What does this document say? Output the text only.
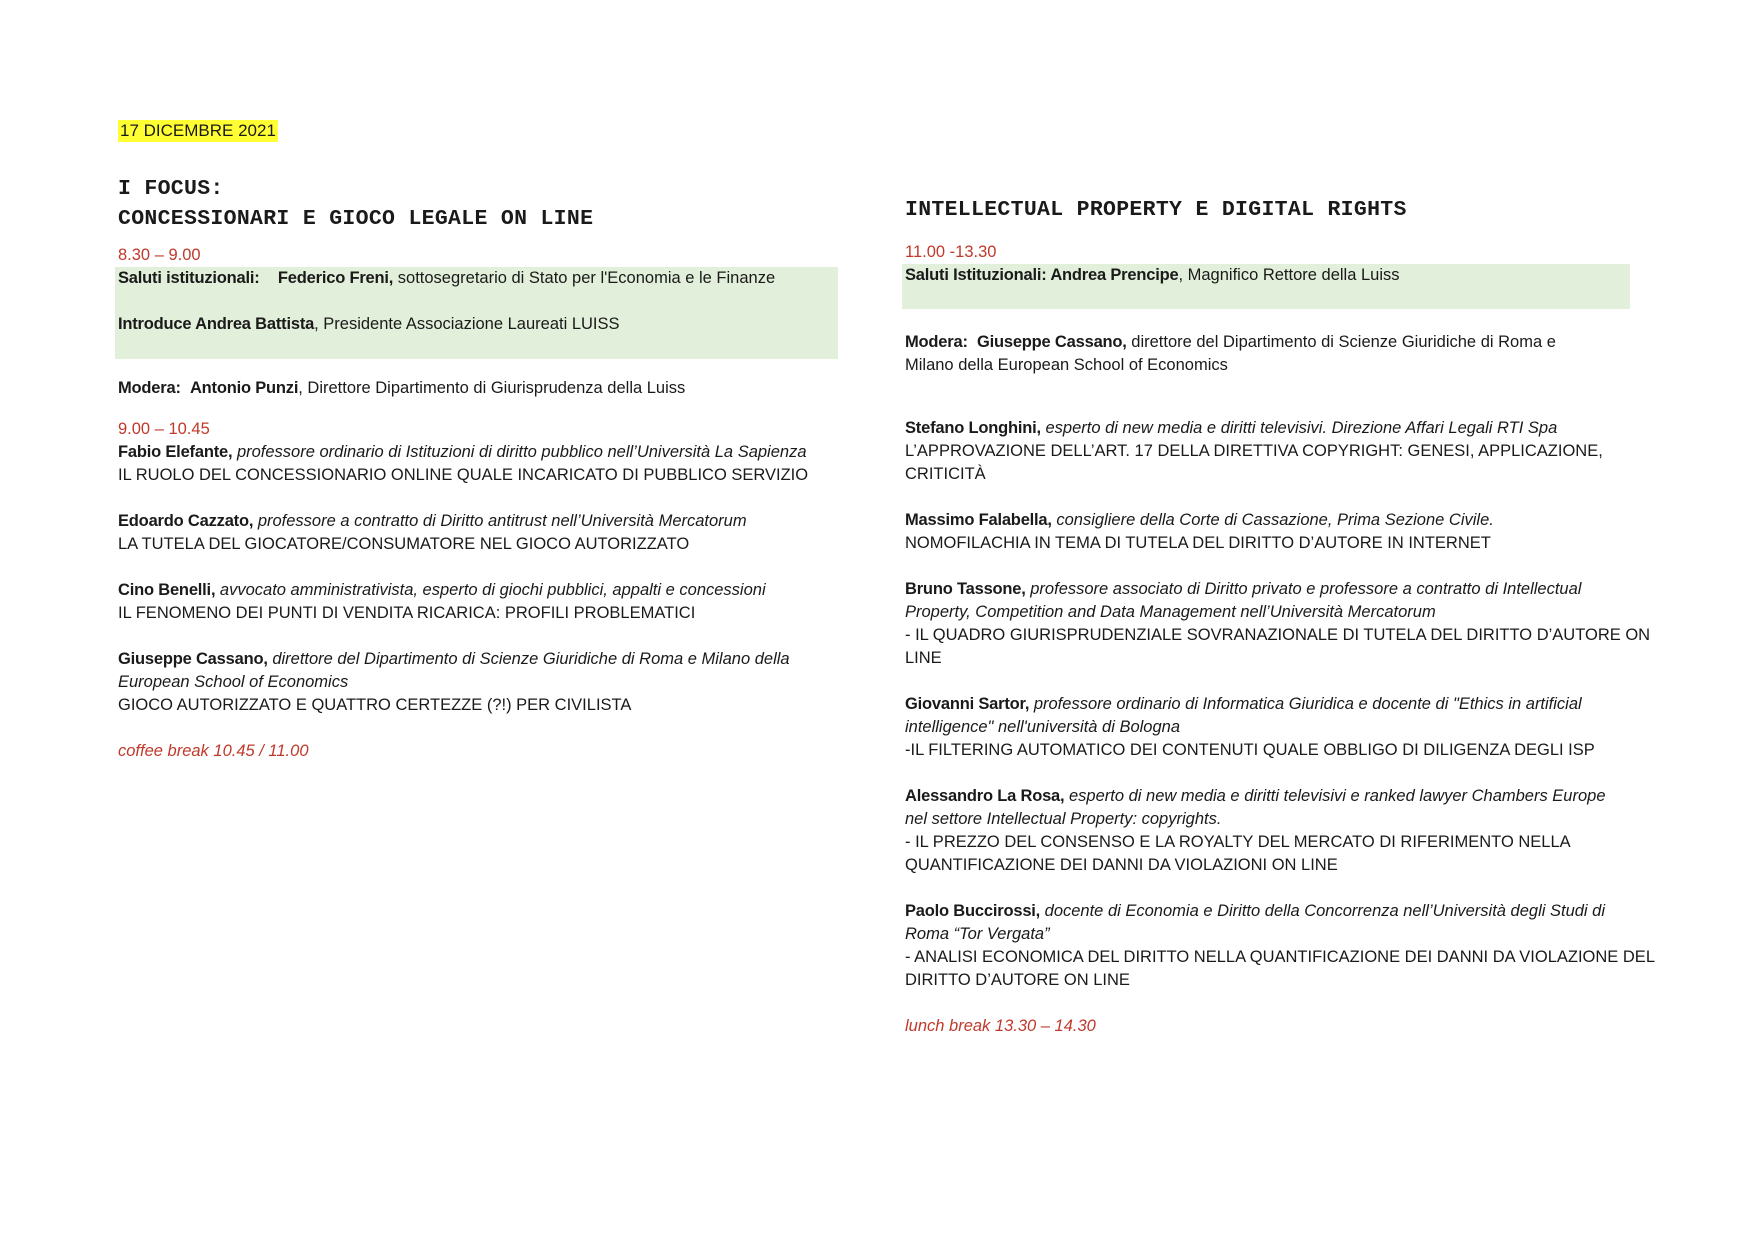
17 DICEMBRE 2021

I FOCUS:

CONCESSIONARI E GIOCO LEGALE ON LINE

8.30 – 9.00
Saluti istituzionali: Federico Freni, sottosegretario di Stato per l'Economia e le Finanze
Introduce Andrea Battista, Presidente Associazione Laureati LUISS
Modera: Antonio Punzi, Direttore Dipartimento di Giurisprudenza della Luiss
9.00 – 10.45
Fabio Elefante, professore ordinario di Istituzioni di diritto pubblico nell’Università La Sapienza
IL RUOLO DEL CONCESSIONARIO ONLINE QUALE INCARICATO DI PUBBLICO SERVIZIO
Edoardo Cazzato, professore a contratto di Diritto antitrust nell’Università Mercatorum
LA TUTELA DEL GIOCATORE/CONSUMATORE NEL GIOCO AUTORIZZATO
Cino Benelli, avvocato amministrativista, esperto di giochi pubblici, appalti e concessioni
IL FENOMENO DEI PUNTI DI VENDITA RICARICA: PROFILI PROBLEMATICI
Giuseppe Cassano, direttore del Dipartimento di Scienze Giuridiche di Roma e Milano della
European School of Economics
GIOCO AUTORIZZATO E QUATTRO CERTEZZE (?!) PER CIVILISTA
coffee break 10.45 / 11.00

INTELLECTUAL PROPERTY E DIGITAL RIGHTS

11.00 -13.30
Saluti Istituzionali: Andrea Prencipe, Magnifico Rettore della Luiss
Modera: Giuseppe Cassano, direttore del Dipartimento di Scienze Giuridiche di Roma e
Milano della European School of Economics
Stefano Longhini, esperto di new media e diritti televisivi. Direzione Affari Legali RTI Spa
L’APPROVAZIONE DELL’ART. 17 DELLA DIRETTIVA COPYRIGHT: GENESI, APPLICAZIONE,
CRITICITÀ
Massimo Falabella, consigliere della Corte di Cassazione, Prima Sezione Civile.
NOMOFILACHIA IN TEMA DI TUTELA DEL DIRITTO D’AUTORE IN INTERNET
Bruno Tassone, professore associato di Diritto privato e professore a contratto di Intellectual
Property, Competition and Data Management nell’Università Mercatorum
- IL QUADRO GIURISPRUDENZIALE SOVRANAZIONALE DI TUTELA DEL DIRITTO D’AUTORE ON
LINE
Giovanni Sartor, professore ordinario di Informatica Giuridica e docente di "Ethics in artificial
intelligence" nell'università di Bologna
-IL FILTERING AUTOMATICO DEI CONTENUTI QUALE OBBLIGO DI DILIGENZA DEGLI ISP
Alessandro La Rosa, esperto di new media e diritti televisivi e ranked lawyer Chambers Europe
nel settore Intellectual Property: copyrights.
- IL PREZZO DEL CONSENSO E LA ROYALTY DEL MERCATO DI RIFERIMENTO NELLA
QUANTIFICAZIONE DEI DANNI DA VIOLAZIONI ON LINE
Paolo Buccirossi, docente di Economia e Diritto della Concorrenza nell’Università degli Studi di
Roma “Tor Vergata”
- ANALISI ECONOMICA DEL DIRITTO NELLA QUANTIFICAZIONE DEI DANNI DA VIOLAZIONE DEL
DIRITTO D’AUTORE ON LINE
lunch break 13.30 – 14.30
